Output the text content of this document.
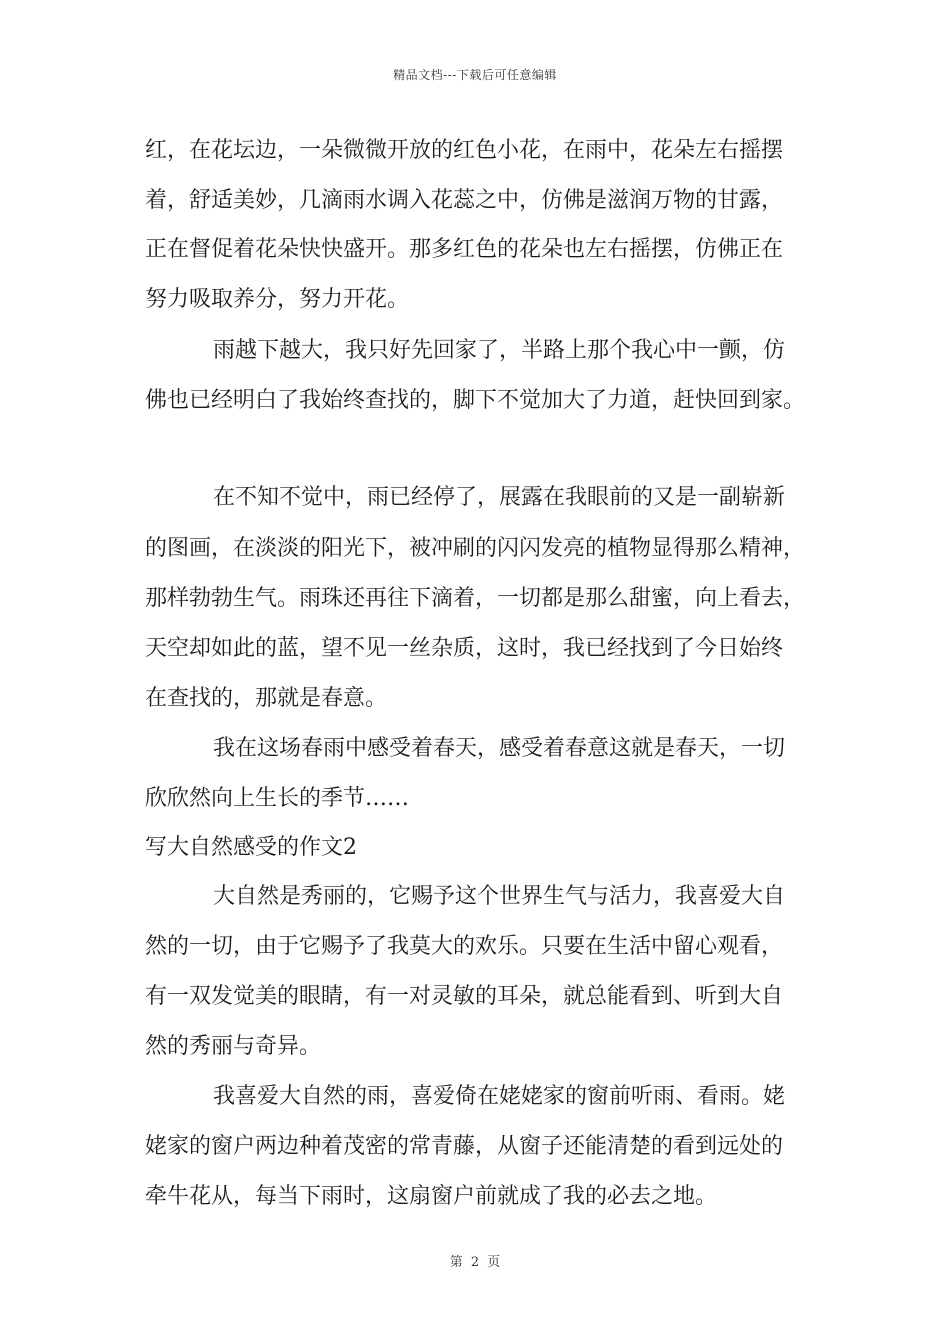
精品文档---下载后可任意编辑
红，在花坛边，一朵微微开放的红色小花，在雨中，花朵左右摇摆
着，舒适美妙，几滴雨水调入花蕊之中，仿佛是滋润万物的甘露，
正在督促着花朵快快盛开。那多红色的花朵也左右摇摆，仿佛正在
努力吸取养分，努力开花。
雨越下越大，我只好先回家了，半路上那个我心中一颤，仿
佛也已经明白了我始终查找的，脚下不觉加大了力道，赶快回到家。
在不知不觉中，雨已经停了，展露在我眼前的又是一副崭新
的图画，在淡淡的阳光下，被冲刷的闪闪发亮的植物显得那么精神，
那样勃勃生气。雨珠还再往下滴着，一切都是那么甜蜜，向上看去，
天空却如此的蓝，望不见一丝杂质，这时，我已经找到了今日始终
在查找的，那就是春意。
我在这场春雨中感受着春天，感受着春意这就是春天，一切
欣欣然向上生长的季节……
写大自然感受的作文2
大自然是秀丽的，它赐予这个世界生气与活力，我喜爱大自
然的一切，由于它赐予了我莫大的欢乐。只要在生活中留心观看，
有一双发觉美的眼睛，有一对灵敏的耳朵，就总能看到、听到大自
然的秀丽与奇异。
我喜爱大自然的雨，喜爱倚在姥姥家的窗前听雨、看雨。姥
姥家的窗户两边种着茂密的常青藤，从窗子还能清楚的看到远处的
牵牛花从，每当下雨时，这扇窗户前就成了我的必去之地。
第 2 页
